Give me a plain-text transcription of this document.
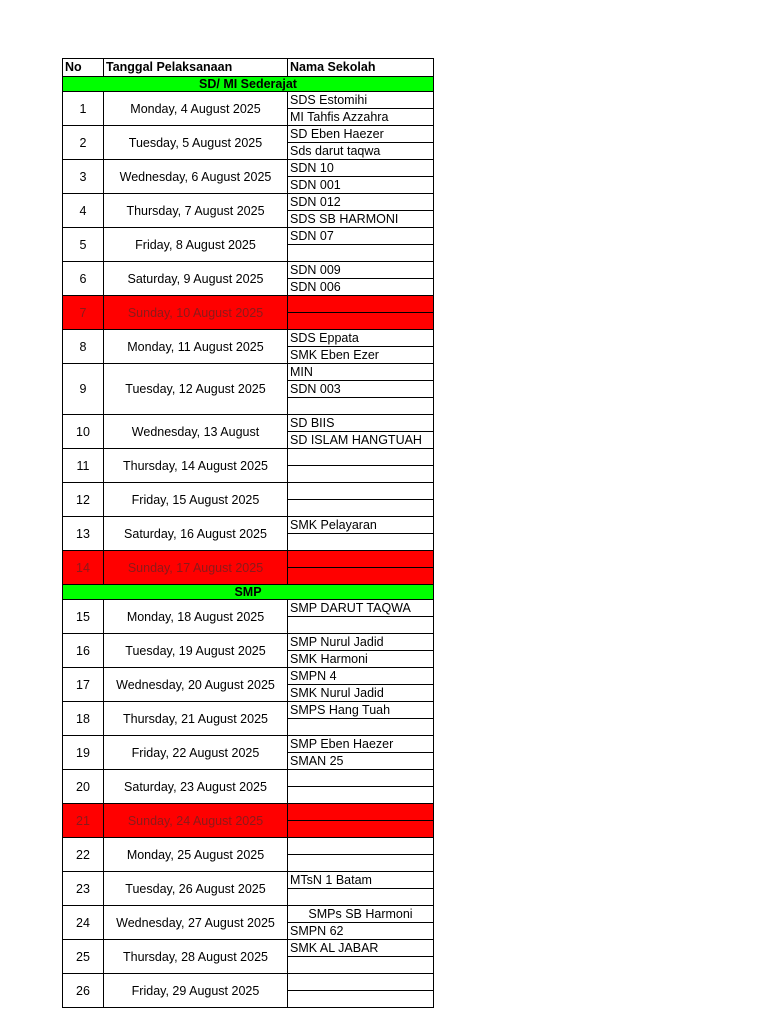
No	Tanggal Pelaksanaan	Nama Sekolah
SD/ MI Sederajat		
1	Monday, 4 August 2025	SDS Estomihi
		MI Tahfis Azzahra
2	Tuesday, 5 August 2025	SD Eben Haezer
		Sds darut taqwa
3	Wednesday, 6 August 2025	SDN 10
		SDN 001
4	Thursday, 7 August 2025	SDN 012
		SDS SB HARMONI
5	Friday, 8 August 2025	SDN 07

6	Saturday, 9 August 2025	SDN 009
		SDN 006
7	Sunday, 10 August 2025	

8	Monday, 11 August 2025	SDS Eppata
		SMK Eben Ezer
9	Tuesday, 12 August 2025	MIN
		SDN 003

10	Wednesday, 13 August	SD BIIS
		SD ISLAM HANGTUAH
11	Thursday, 14 August 2025	

12	Friday, 15 August 2025	

13	Saturday, 16 August 2025	SMK Pelayaran

14	Sunday, 17 August 2025	

SMP		
15	Monday, 18 August 2025	SMP DARUT TAQWA

16	Tuesday, 19 August 2025	SMP Nurul Jadid
		SMK Harmoni
17	Wednesday, 20 August 2025	SMPN 4
		SMK Nurul Jadid
18	Thursday, 21 August 2025	SMPS Hang Tuah

19	Friday, 22 August 2025	SMP Eben Haezer
		SMAN 25
20	Saturday, 23 August 2025	

21	Sunday, 24 August 2025	

22	Monday, 25 August 2025	

23	Tuesday, 26 August 2025	MTsN 1 Batam

24	Wednesday, 27 August 2025	SMPs SB Harmoni
		SMPN 62
25	Thursday, 28 August 2025	SMK AL JABAR

26	Friday, 29 August 2025	
